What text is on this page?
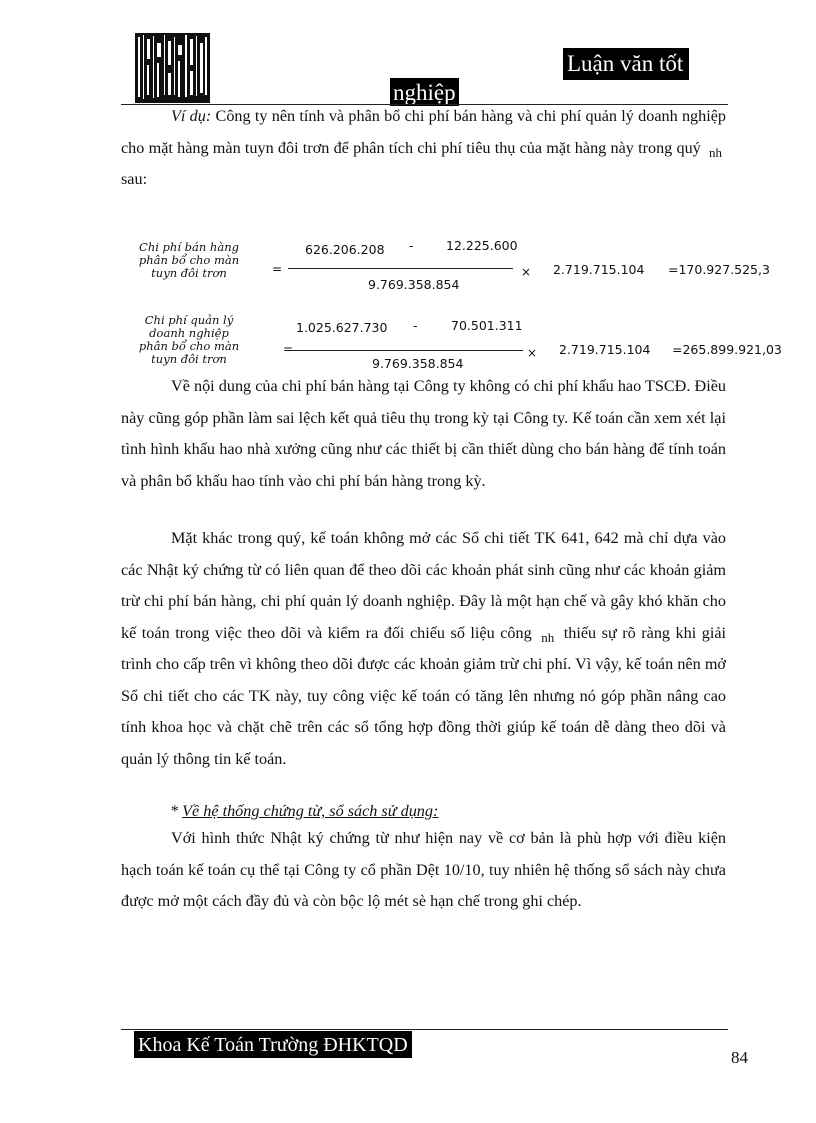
Luận văn tốt
nghiệp
Ví dụ: Công ty nên tính và phân bổ chi phí bán hàng và chi phí quản lý doanh nghiệp cho mặt hàng màn tuyn đôi trơn để phân tích chi phí tiêu thụ của mặt hàng này trong quý $_{nh}$ sau:
Chi phí bán hàng phân bổ cho màn tuyn đôi trơn	=
626.206.208 -	12.225.600
9.769.358.854
× 2.719.715.104 =170.927.525,3
Chi phí quản lý doanh nghiệp phân bổ cho màn tuyn đôi trơn
=
1.025.627.730 -	70.501.311
9.769.358.854
× 2.719.715.104 =265.899.921,03
Về nội dung của chi phí bán hàng tại Công ty không có chi phí khấu hao TSCĐ. Điều này cũng góp phần làm sai lệch kết quả tiêu thụ trong kỳ tại Công ty. Kế toán cần xem xét lại tình hình khấu hao nhà xưởng cũng như các thiết bị cần thiết dùng cho bán hàng để tính toán và phân bổ khấu hao tính vào chi phí bán hàng trong kỳ.
Mặt khác trong quý, kế toán không mở các Sổ chi tiết TK 641, 642 mà chỉ dựa vào các Nhật ký chứng từ có liên quan để theo dõi các khoản phát sinh cũng như các khoản giảm trừ chi phí bán hàng, chi phí quản lý doanh nghiệp. Đây là một hạn chế và gây khó khăn cho kế toán trong việc theo dõi và kiểm ra đối chiếu số liệu công $_{nh}$ thiếu sự rõ ràng khi giải trình cho cấp trên vì không theo dõi được các khoản giảm trừ chi phí. Vì vậy, kế toán nên mở Sổ chi tiết cho các TK này, tuy công việc kế toán có tăng lên nhưng nó góp phần nâng cao tính khoa học và chặt chẽ trên các sổ tổng hợp đồng thời giúp kế toán dễ dàng theo dõi và quản lý thông tin kế toán.
* Về hệ thống chứng từ, sổ sách sử dụng:
Với hình thức Nhật ký chứng từ như hiện nay về cơ bản là phù hợp với điều kiện hạch toán kế toán cụ thể tại Công ty cổ phần Dệt 10/10, tuy nhiên hệ thống sổ sách này chưa được mở một cách đầy đủ và còn bộc lộ mét sè hạn chế trong ghi chép.
Khoa Kế Toán Trường ĐHKTQD
84
